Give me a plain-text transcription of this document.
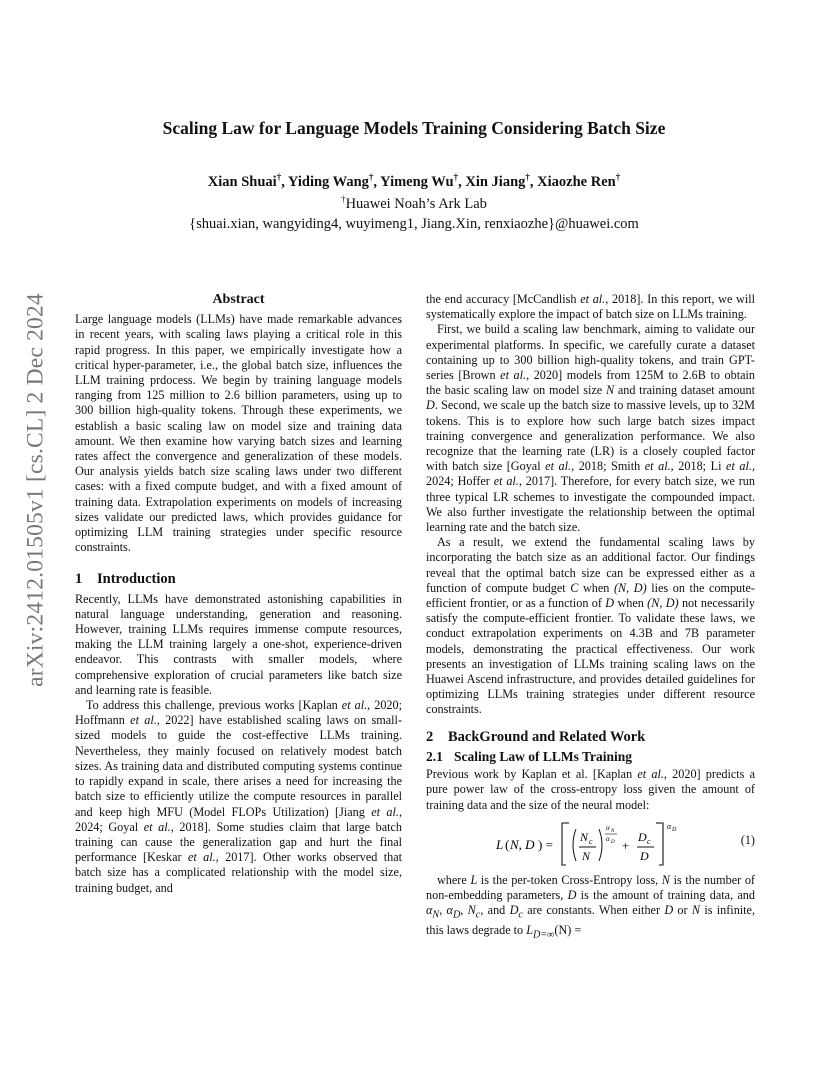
arXiv:2412.01505v1 [cs.CL] 2 Dec 2024
Scaling Law for Language Models Training Considering Batch Size
Xian Shuai†, Yiding Wang†, Yimeng Wu†, Xin Jiang†, Xiaozhe Ren†
†Huawei Noah’s Ark Lab
{shuai.xian, wangyiding4, wuyimeng1, Jiang.Xin, renxiaozhe}@huawei.com
Abstract

Large language models (LLMs) have made remarkable advances in recent years, with scaling laws playing a critical role in this rapid progress. In this paper, we empirically investigate how a critical hyper-parameter, i.e., the global batch size, influences the LLM training prdocess. We begin by training language models ranging from 125 million to 2.6 billion parameters, using up to 300 billion high-quality tokens. Through these experiments, we establish a basic scaling law on model size and training data amount. We then examine how varying batch sizes and learning rates affect the convergence and generalization of these models. Our analysis yields batch size scaling laws under two different cases: with a fixed compute budget, and with a fixed amount of training data. Extrapolation experiments on models of increasing sizes validate our predicted laws, which provides guidance for optimizing LLM training strategies under specific resource constraints.

1 Introduction

Recently, LLMs have demonstrated astonishing capabilities in natural language understanding, generation and reasoning. However, training LLMs requires immense compute resources, making the LLM training largely a one-shot, experience-driven endeavor. This contrasts with smaller models, where comprehensive exploration of crucial parameters like batch size and learning rate is feasible.

To address this challenge, previous works [Kaplan et al., 2020; Hoffmann et al., 2022] have established scaling laws on small-sized models to guide the cost-effective LLMs training. Nevertheless, they mainly focused on relatively modest batch sizes. As training data and distributed computing systems continue to rapidly expand in scale, there arises a need for increasing the batch size to efficiently utilize the compute resources in parallel and keep high MFU (Model FLOPs Utilization) [Jiang et al., 2024; Goyal et al., 2018]. Some studies claim that large batch training can cause the generalization gap and hurt the final performance [Keskar et al., 2017]. Other works observed that batch size has a complicated relationship with the model size, training budget, and

the end accuracy [McCandlish et al., 2018]. In this report, we will systematically explore the impact of batch size on LLMs training.

First, we build a scaling law benchmark, aiming to validate our experimental platforms. In specific, we carefully curate a dataset containing up to 300 billion high-quality tokens, and train GPT-series [Brown et al., 2020] models from 125M to 2.6B to obtain the basic scaling law on model size N and training dataset amount D. Second, we scale up the batch size to massive levels, up to 32M tokens. This is to explore how such large batch sizes impact training convergence and generalization performance. We also recognize that the learning rate (LR) is a closely coupled factor with batch size [Goyal et al., 2018; Smith et al., 2018; Li et al., 2024; Hoffer et al., 2017]. Therefore, for every batch size, we run three typical LR schemes to investigate the compounded impact. We also further investigate the relationship between the optimal learning rate and the batch size.

As a result, we extend the fundamental scaling laws by incorporating the batch size as an additional factor. Our findings reveal that the optimal batch size can be expressed either as a function of compute budget C when (N, D) lies on the compute-efficient frontier, or as a function of D when (N, D) not necessarily satisfy the compute-efficient frontier. To validate these laws, we conduct extrapolation experiments on 4.3B and 7B parameter models, demonstrating the practical effectiveness. Our work presents an investigation of LLMs training scaling laws on the Huawei Ascend infrastructure, and provides detailed guidelines for optimizing LLMs training strategies under different resource constraints.

2 BackGround and Related Work
2.1 Scaling Law of LLMs Training

Previous work by Kaplan et al. [Kaplan et al., 2020] predicts a pure power law of the cross-entropy loss given the amount of training data and the size of the neural model:

L ( N, D ) = N c
N
α N
α D +
D c
D
α D
(1)

where L is the per-token Cross-Entropy loss, N is the number of non-embedding parameters, D is the amount of training data, and $\alpha_N$, $\alpha_D$, $N_c$, and $D_c$ are constants. When either D or N is infinite, this laws degrade to $L_{D=\infty}(N)$ =
